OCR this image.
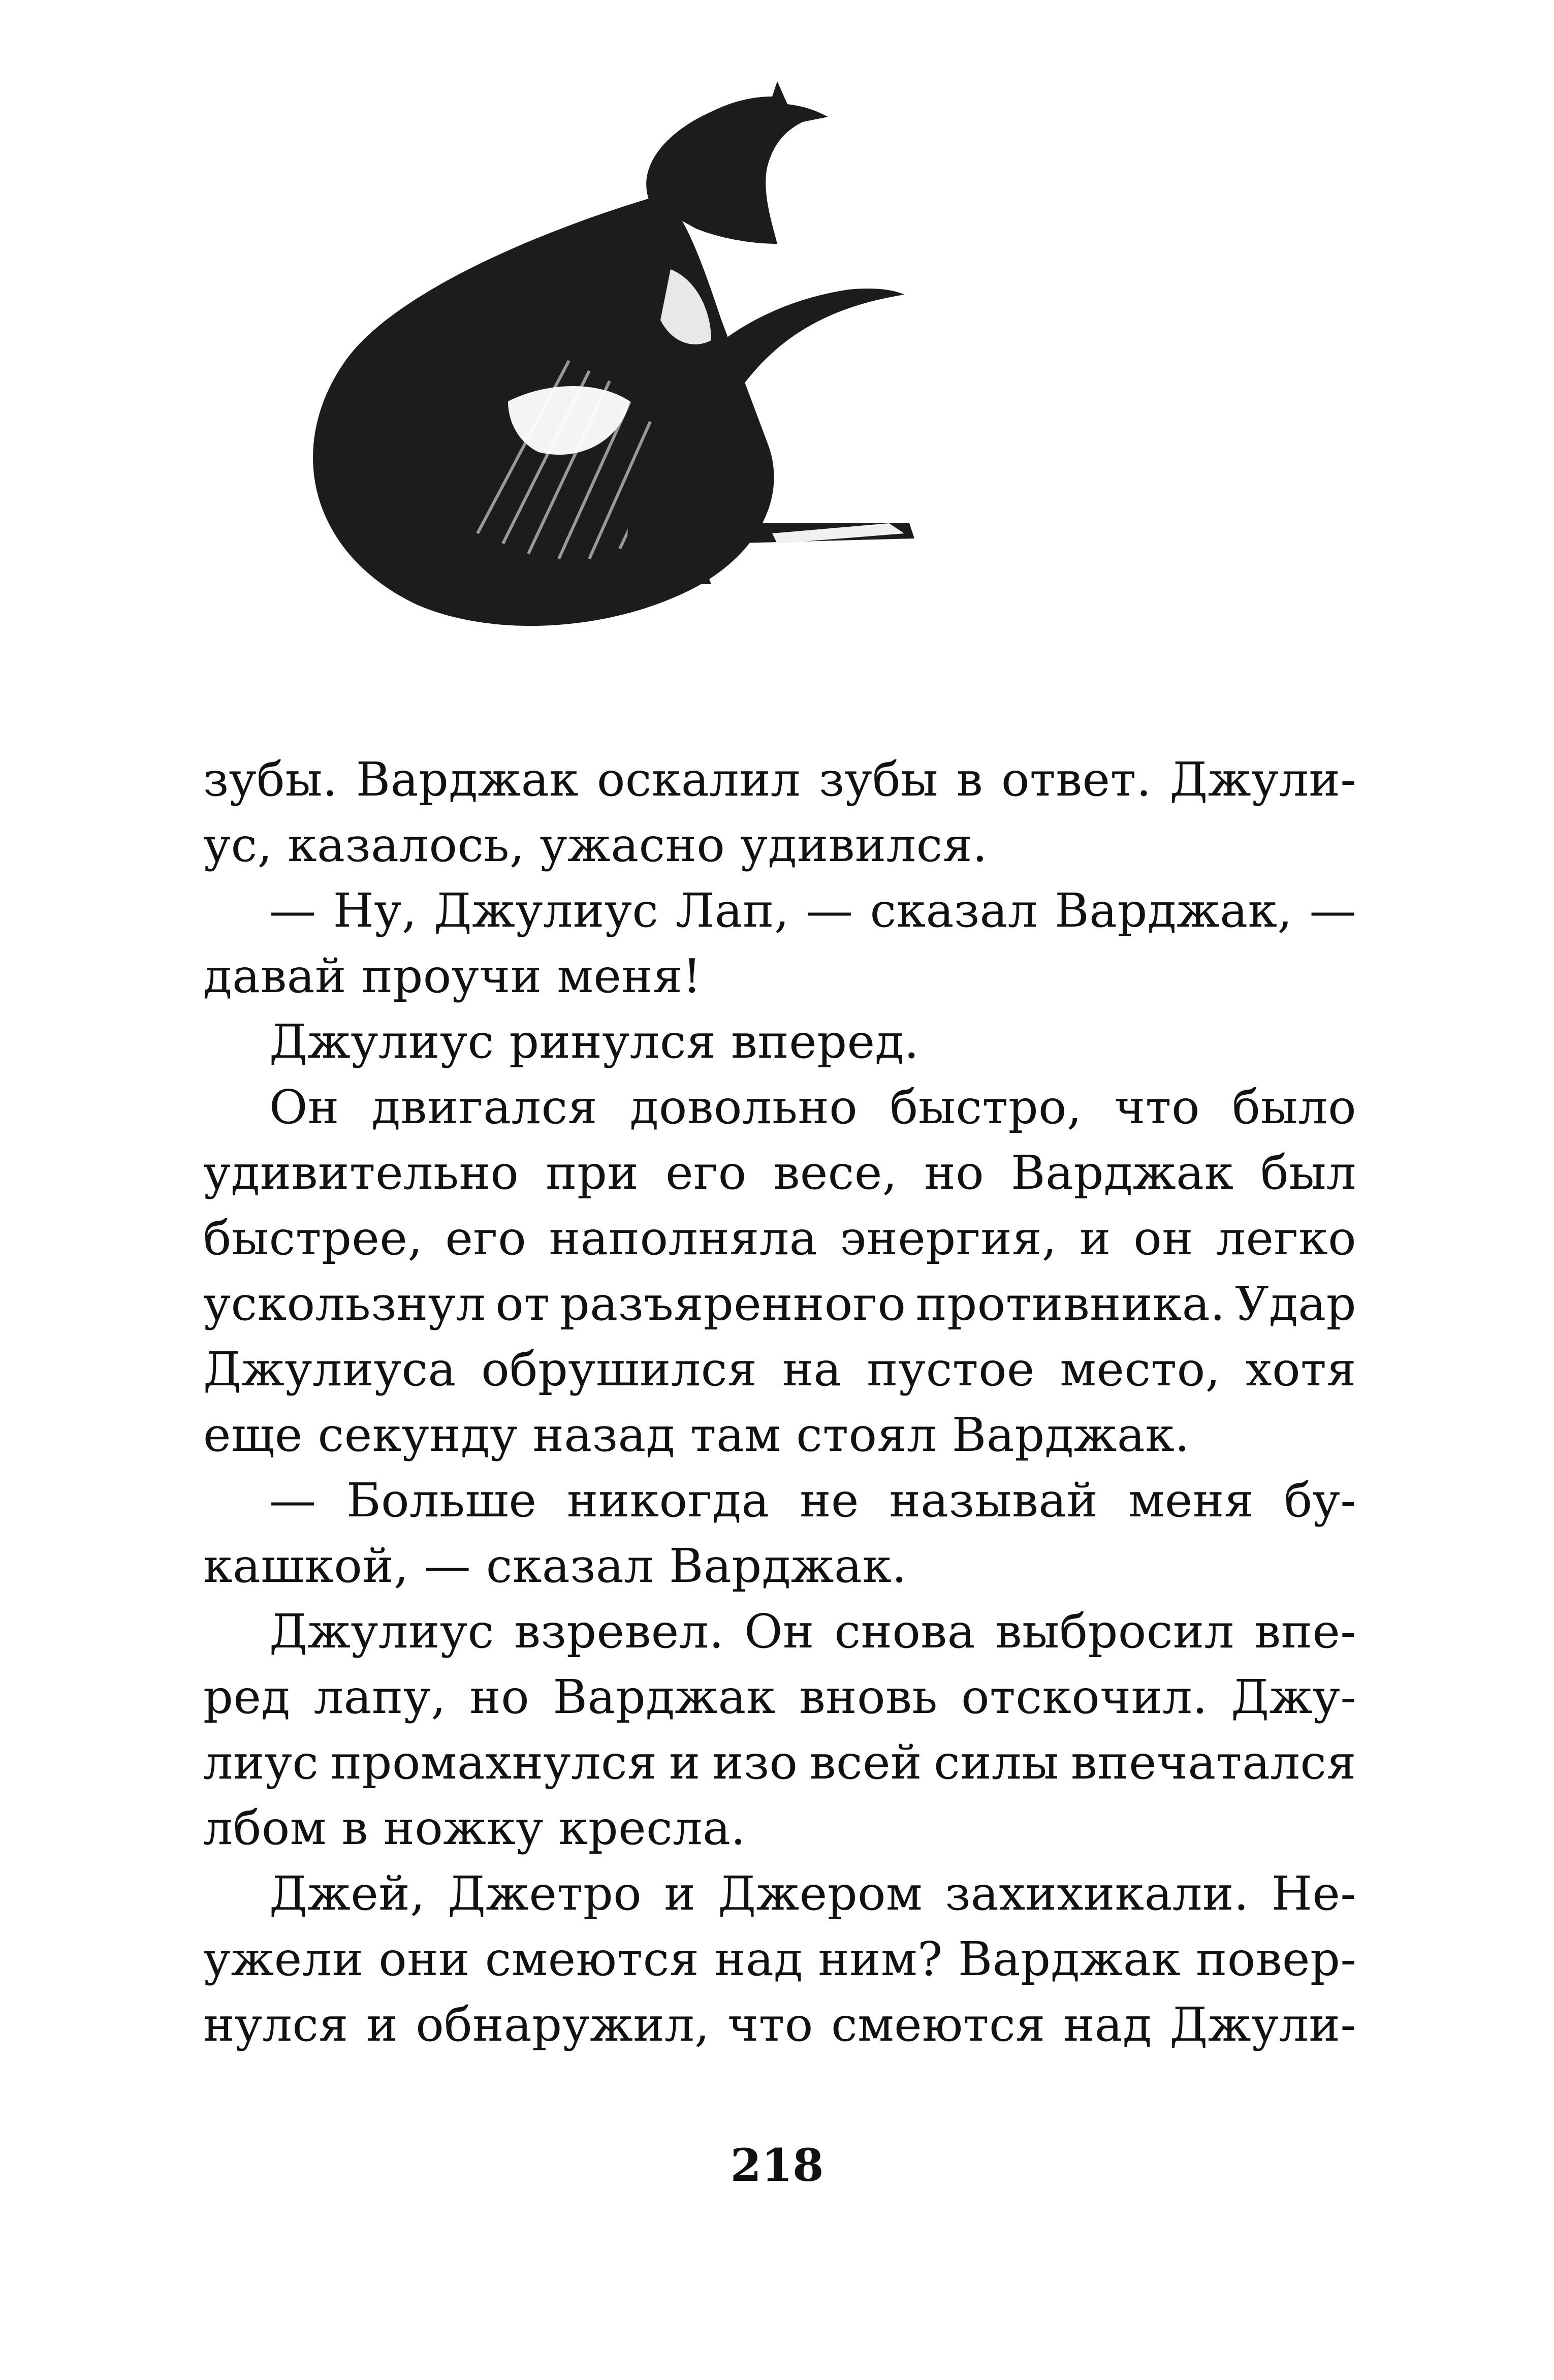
зубы. Варджак оскалил зубы в ответ. Джули-
ус, казалось, ужасно удивился.
— Ну, Джулиус Лап, — сказал Варджак, —
давай проучи меня!
Джулиус ринулся вперед.
Он двигался довольно быстро, что было
удивительно при его весе, но Варджак был
быстрее, его наполняла энергия, и он легко
ускользнул от разъяренного противника. Удар
Джулиуса обрушился на пустое место, хотя
еще секунду назад там стоял Варджак.
— Больше никогда не называй меня бу-
кашкой, — сказал Варджак.
Джулиус взревел. Он снова выбросил впе-
ред лапу, но Варджак вновь отскочил. Джу-
лиус промахнулся и изо всей силы впечатался
лбом в ножку кресла.
Джей, Джетро и Джером захихикали. Не-
ужели они смеются над ним? Варджак повер-
нулся и обнаружил, что смеются над Джули-
218
